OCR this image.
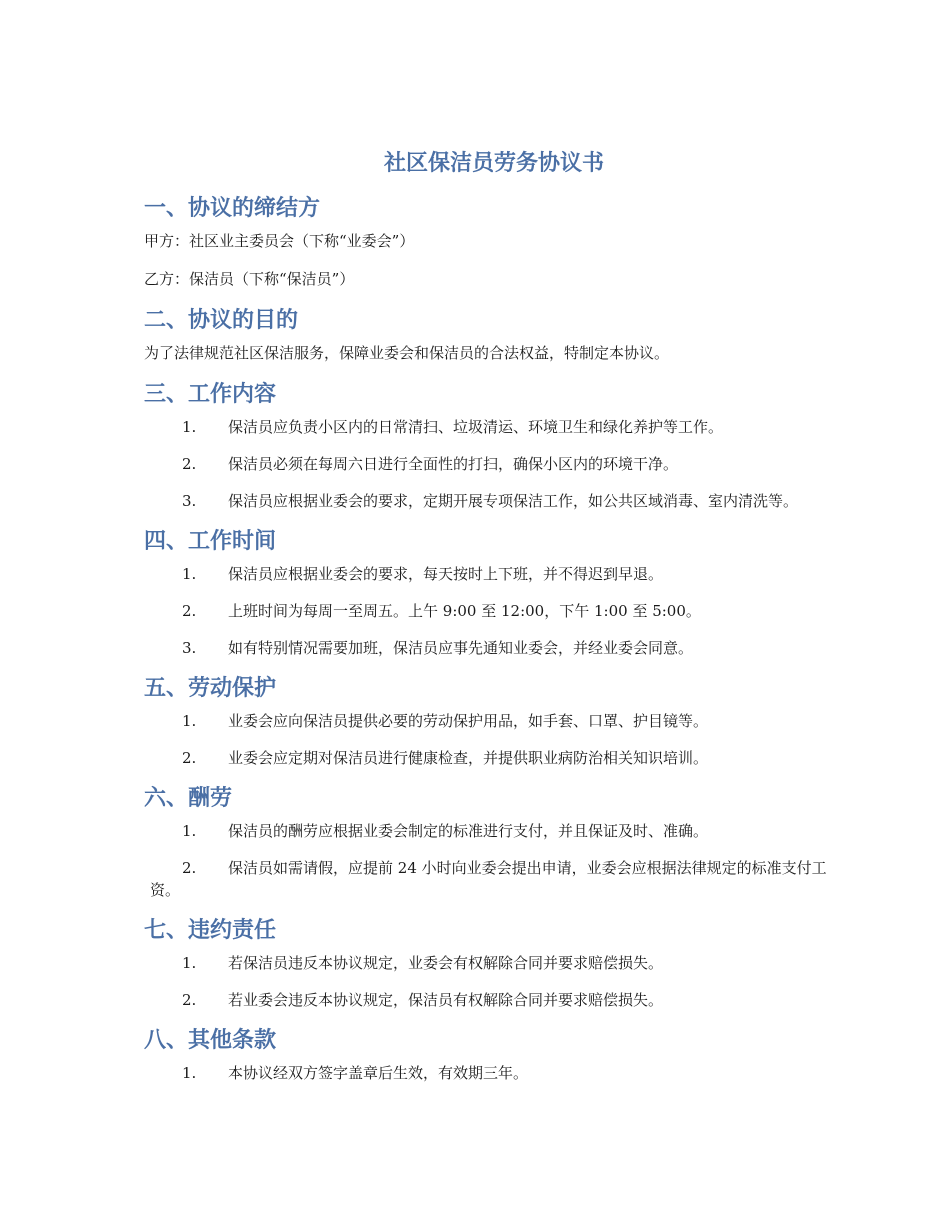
社区保洁员劳务协议书
一、协议的缔结方

甲方：社区业主委员会（下称“业委会”）

乙方：保洁员（下称“保洁员”）

二、协议的目的

为了法律规范社区保洁服务，保障业委会和保洁员的合法权益，特制定本协议。

三、工作内容
1. 保洁员应负责小区内的日常清扫、垃圾清运、环境卫生和绿化养护等工作。
2. 保洁员必须在每周六日进行全面性的打扫，确保小区内的环境干净。
3. 保洁员应根据业委会的要求，定期开展专项保洁工作，如公共区域消毒、室内清洗等。
四、工作时间
1. 保洁员应根据业委会的要求，每天按时上下班，并不得迟到早退。
2. 上班时间为每周一至周五。上午 9:00 至 12:00，下午 1:00 至 5:00。
3. 如有特别情况需要加班，保洁员应事先通知业委会，并经业委会同意。
五、劳动保护
1. 业委会应向保洁员提供必要的劳动保护用品，如手套、口罩、护目镜等。
2. 业委会应定期对保洁员进行健康检查，并提供职业病防治相关知识培训。
六、酬劳
1. 保洁员的酬劳应根据业委会制定的标准进行支付，并且保证及时、准确。
2. 保洁员如需请假，应提前 24 小时向业委会提出申请，业委会应根据法律规定的标准支付工资。
七、违约责任
1. 若保洁员违反本协议规定，业委会有权解除合同并要求赔偿损失。
2. 若业委会违反本协议规定，保洁员有权解除合同并要求赔偿损失。
八、其他条款
1. 本协议经双方签字盖章后生效，有效期三年。
